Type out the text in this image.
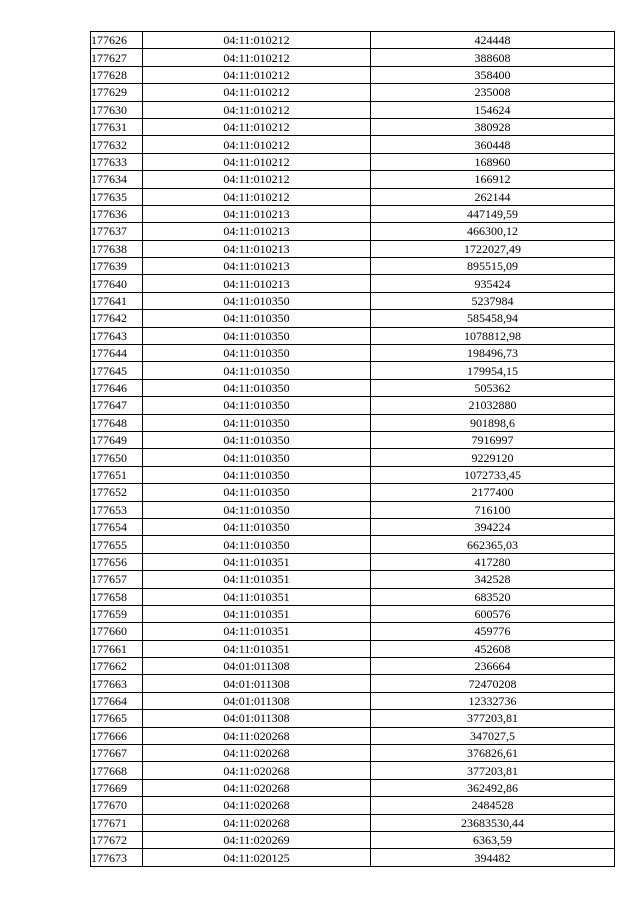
177626	04:11:010212	424448
177627	04:11:010212	388608
177628	04:11:010212	358400
177629	04:11:010212	235008
177630	04:11:010212	154624
177631	04:11:010212	380928
177632	04:11:010212	360448
177633	04:11:010212	168960
177634	04:11:010212	166912
177635	04:11:010212	262144
177636	04:11:010213	447149,59
177637	04:11:010213	466300,12
177638	04:11:010213	1722027,49
177639	04:11:010213	895515,09
177640	04:11:010213	935424
177641	04:11:010350	5237984
177642	04:11:010350	585458,94
177643	04:11:010350	1078812,98
177644	04:11:010350	198496,73
177645	04:11:010350	179954,15
177646	04:11:010350	505362
177647	04:11:010350	21032880
177648	04:11:010350	901898,6
177649	04:11:010350	7916997
177650	04:11:010350	9229120
177651	04:11:010350	1072733,45
177652	04:11:010350	2177400
177653	04:11:010350	716100
177654	04:11:010350	394224
177655	04:11:010350	662365,03
177656	04:11:010351	417280
177657	04:11:010351	342528
177658	04:11:010351	683520
177659	04:11:010351	600576
177660	04:11:010351	459776
177661	04:11:010351	452608
177662	04:01:011308	236664
177663	04:01:011308	72470208
177664	04:01:011308	12332736
177665	04:01:011308	377203,81
177666	04:11:020268	347027,5
177667	04:11:020268	376826,61
177668	04:11:020268	377203,81
177669	04:11:020268	362492,86
177670	04:11:020268	2484528
177671	04:11:020268	23683530,44
177672	04:11:020269	6363,59
177673	04:11:020125	394482
